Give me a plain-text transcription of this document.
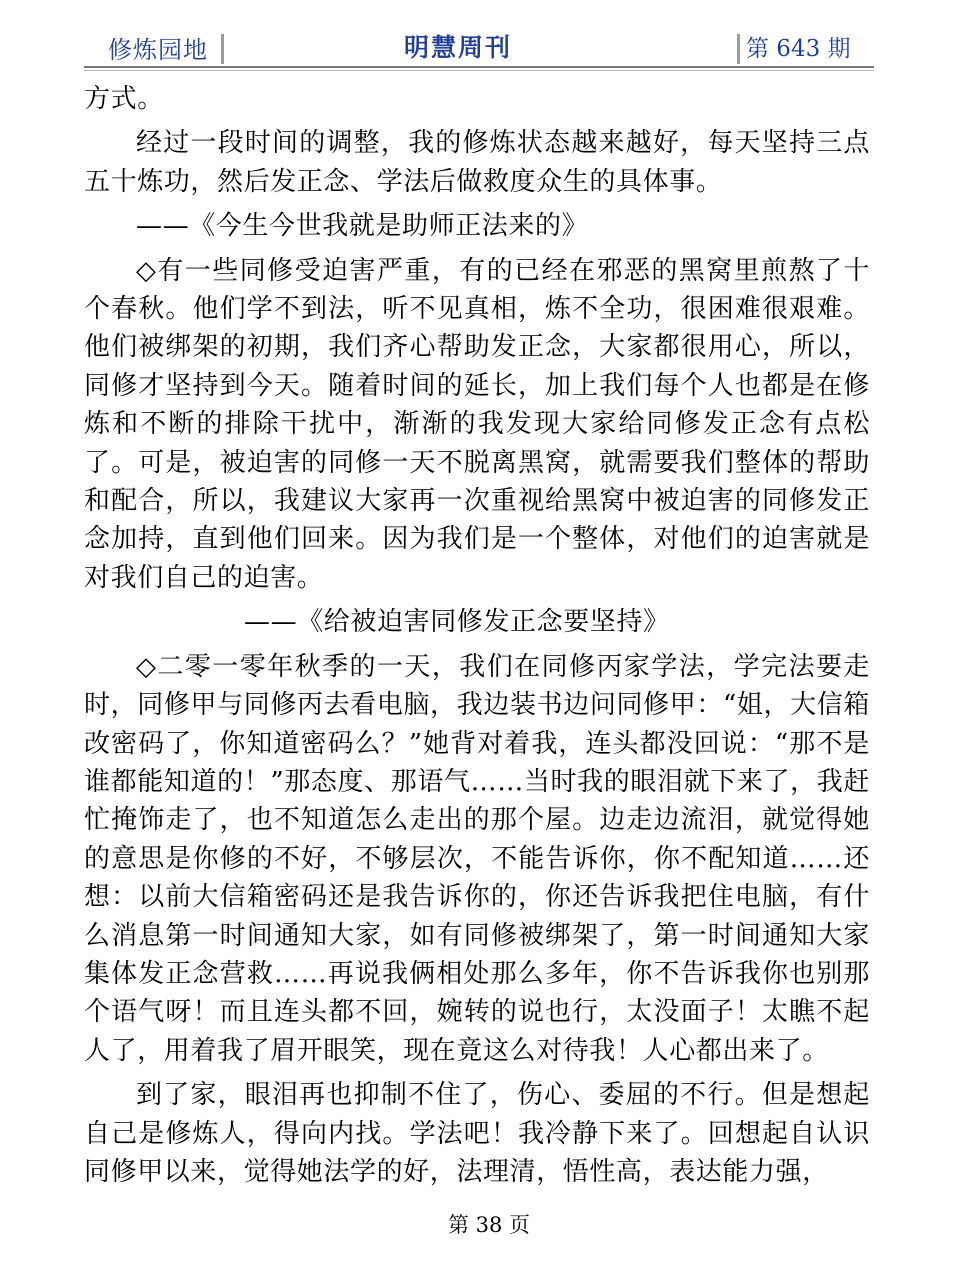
修炼园地	明慧周刊	第 643 期

方式。

经过一段时间的调整，我的修炼状态越来越好，每天坚持三点五十炼功，然后发正念、学法后做救度众生的具体事。

——《今生今世我就是助师正法来的》

◇有一些同修受迫害严重，有的已经在邪恶的黑窝里煎熬了十个春秋。他们学不到法，听不见真相，炼不全功，很困难很艰难。他们被绑架的初期，我们齐心帮助发正念，大家都很用心，所以，同修才坚持到今天。随着时间的延长，加上我们每个人也都是在修炼和不断的排除干扰中，渐渐的我发现大家给同修发正念有点松了。可是，被迫害的同修一天不脱离黑窝，就需要我们整体的帮助和配合，所以，我建议大家再一次重视给黑窝中被迫害的同修发正念加持，直到他们回来。因为我们是一个整体，对他们的迫害就是对我们自己的迫害。

——《给被迫害同修发正念要坚持》

◇二零一零年秋季的一天，我们在同修丙家学法，学完法要走时，同修甲与同修丙去看电脑，我边装书边问同修甲：“姐，大信箱改密码了，你知道密码么？”她背对着我，连头都没回说：“那不是谁都能知道的！”那态度、那语气……当时我的眼泪就下来了，我赶忙掩饰走了，也不知道怎么走出的那个屋。边走边流泪，就觉得她的意思是你修的不好，不够层次，不能告诉你，你不配知道……还想：以前大信箱密码还是我告诉你的，你还告诉我把住电脑，有什么消息第一时间通知大家，如有同修被绑架了，第一时间通知大家集体发正念营救……再说我俩相处那么多年，你不告诉我你也别那个语气呀！而且连头都不回，婉转的说也行，太没面子！太瞧不起人了，用着我了眉开眼笑，现在竟这么对待我！人心都出来了。

到了家，眼泪再也抑制不住了，伤心、委屈的不行。但是想起自己是修炼人，得向内找。学法吧！我冷静下来了。回想起自认识同修甲以来，觉得她法学的好，法理清，悟性高，表达能力强，

第 38 页
